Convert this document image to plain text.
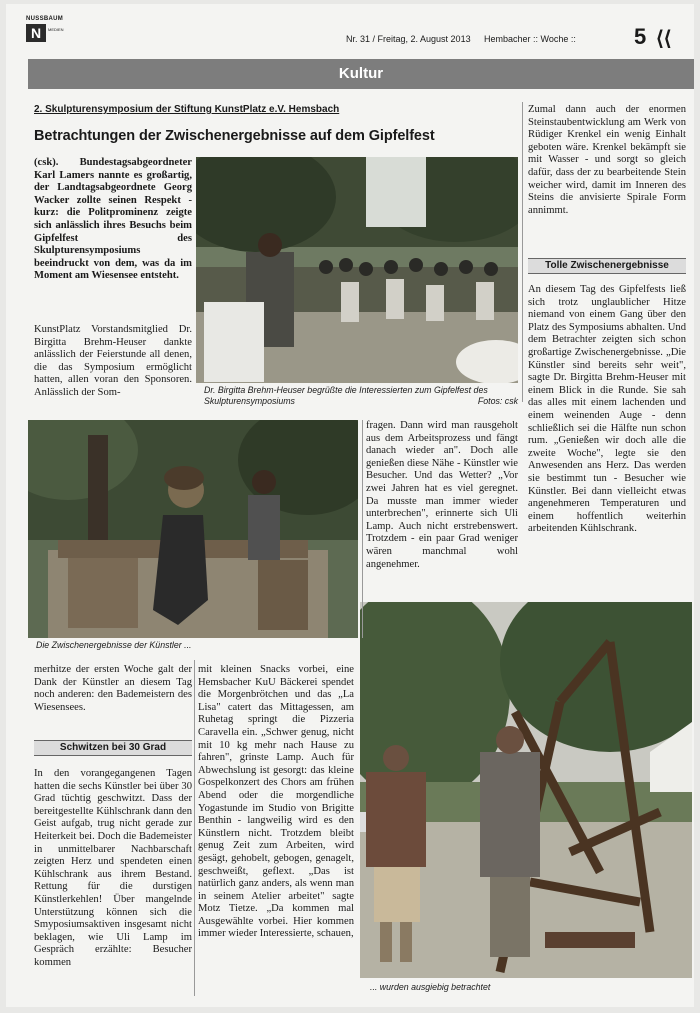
NUSSBAUM
N	MEDIEN
Nr. 31 / Freitag, 2. August 2013 Hembacher :: Woche ::	5 ⟨⟨
Kultur
2. Skulpturensymposium der Stiftung KunstPlatz e.V. Hemsbach
Betrachtungen der Zwischenergebnisse auf dem Gipfelfest
(csk). Bundestagsabgeordneter Karl Lamers nannte es großartig, der Landtagsabgeordnete Georg Wacker zollte seinen Respekt - kurz: die Politprominenz zeigte sich anlässlich ihres Besuchs beim Gipfelfest des Skulpturensymposiums beeindruckt von dem, was da im Moment am Wiesensee entsteht.
KunstPlatz Vorstandsmitglied Dr. Birgitta Brehm-Heuser dankte anlässlich der Feierstunde all denen, die das Symposium ermöglicht hatten, allen voran den Sponsoren. Anlässlich der Som-	Dr. Birgitta Brehm-Heuser begrüßte die Interessierten zum Gipfelfest des Skulpturensymposiums	Fotos: csk
Zumal dann auch der enormen Steinstaubentwicklung am Werk von Rüdiger Krenkel ein wenig Einhalt geboten wäre. Krenkel bekämpft sie mit Wasser - und sorgt so gleich dafür, dass der zu bearbeitende Stein weicher wird, damit im Inneren des Steins die anvisierte Spirale Form annimmt.
Tolle Zwischenergebnisse
An diesem Tag des Gipfelfests ließ sich trotz unglaublicher Hitze niemand von einem Gang über den Platz des Symposiums abhalten. Und dem Betrachter zeigten sich schon großartige Zwischenergebnisse. „Die Künstler sind bereits sehr weit", sagte Dr. Birgitta Brehm-Heuser mit einem Blick in die Runde. Sie sah das alles mit einem lachenden und einem weinenden Auge - denn schließlich sei die Hälfte nun schon rum. „Genießen wir doch alle die zweite Woche", legte sie den Anwesenden ans Herz. Das werden sie bestimmt tun - Besucher wie Künstler. Bei dann vielleicht etwas angenehmeren Temperaturen und einem hoffentlich weiterhin arbeitenden Kühlschrank.
Die Zwischenergebnisse der Künstler ...
fragen. Dann wird man rausgeholt aus dem Arbeitsprozess und fängt danach wieder an". Doch alle genießen diese Nähe - Künstler wie Besucher. Und das Wetter? „Vor zwei Jahren hat es viel geregnet. Da musste man immer wieder unterbrechen", erinnerte sich Uli Lamp. Auch nicht erstrebenswert. Trotzdem - ein paar Grad weniger wären manchmal wohl angenehmer.
merhitze der ersten Woche galt der Dank der Künstler an diesem Tag noch anderen: den Bademeistern des Wiesensees.
Schwitzen bei 30 Grad
In den vorangegangenen Tagen hatten die sechs Künstler bei über 30 Grad tüchtig geschwitzt. Dass der bereitgestellte Kühlschrank dann den Geist aufgab, trug nicht gerade zur Heiterkeit bei. Doch die Bademeister in unmittelbarer Nachbarschaft zeigten Herz und spendeten einen Kühlschrank aus ihrem Bestand. Rettung für die durstigen Künstlerkehlen! Über mangelnde Unterstützung können sich die Smyposiumsaktiven insgesamt nicht beklagen, wie Uli Lamp im Gespräch erzählte: Besucher kommen
mit kleinen Snacks vorbei, eine Hemsbacher KuU Bäckerei spendet die Morgenbrötchen und das „La Lisa" catert das Mittagessen, am Ruhetag springt die Pizzeria Caravella ein. „Schwer genug, nicht mit 10 kg mehr nach Hause zu fahren", grinste Lamp. Auch für Abwechslung ist gesorgt: das kleine Gospelkonzert des Chors am frühen Abend oder die morgendliche Yogastunde im Studio von Brigitte Benthin - langweilig wird es den Künstlern nicht. Trotzdem bleibt genug Zeit zum Arbeiten, wird gesägt, gehobelt, gebogen, genagelt, geschweißt, geflext. „Das ist natürlich ganz anders, als wenn man in seinem Atelier arbeitet" sagte Motz Tietze. „Da kommen mal Ausgewählte vorbei. Hier kommen immer wieder Interessierte, schauen,
... wurden ausgiebig betrachtet
